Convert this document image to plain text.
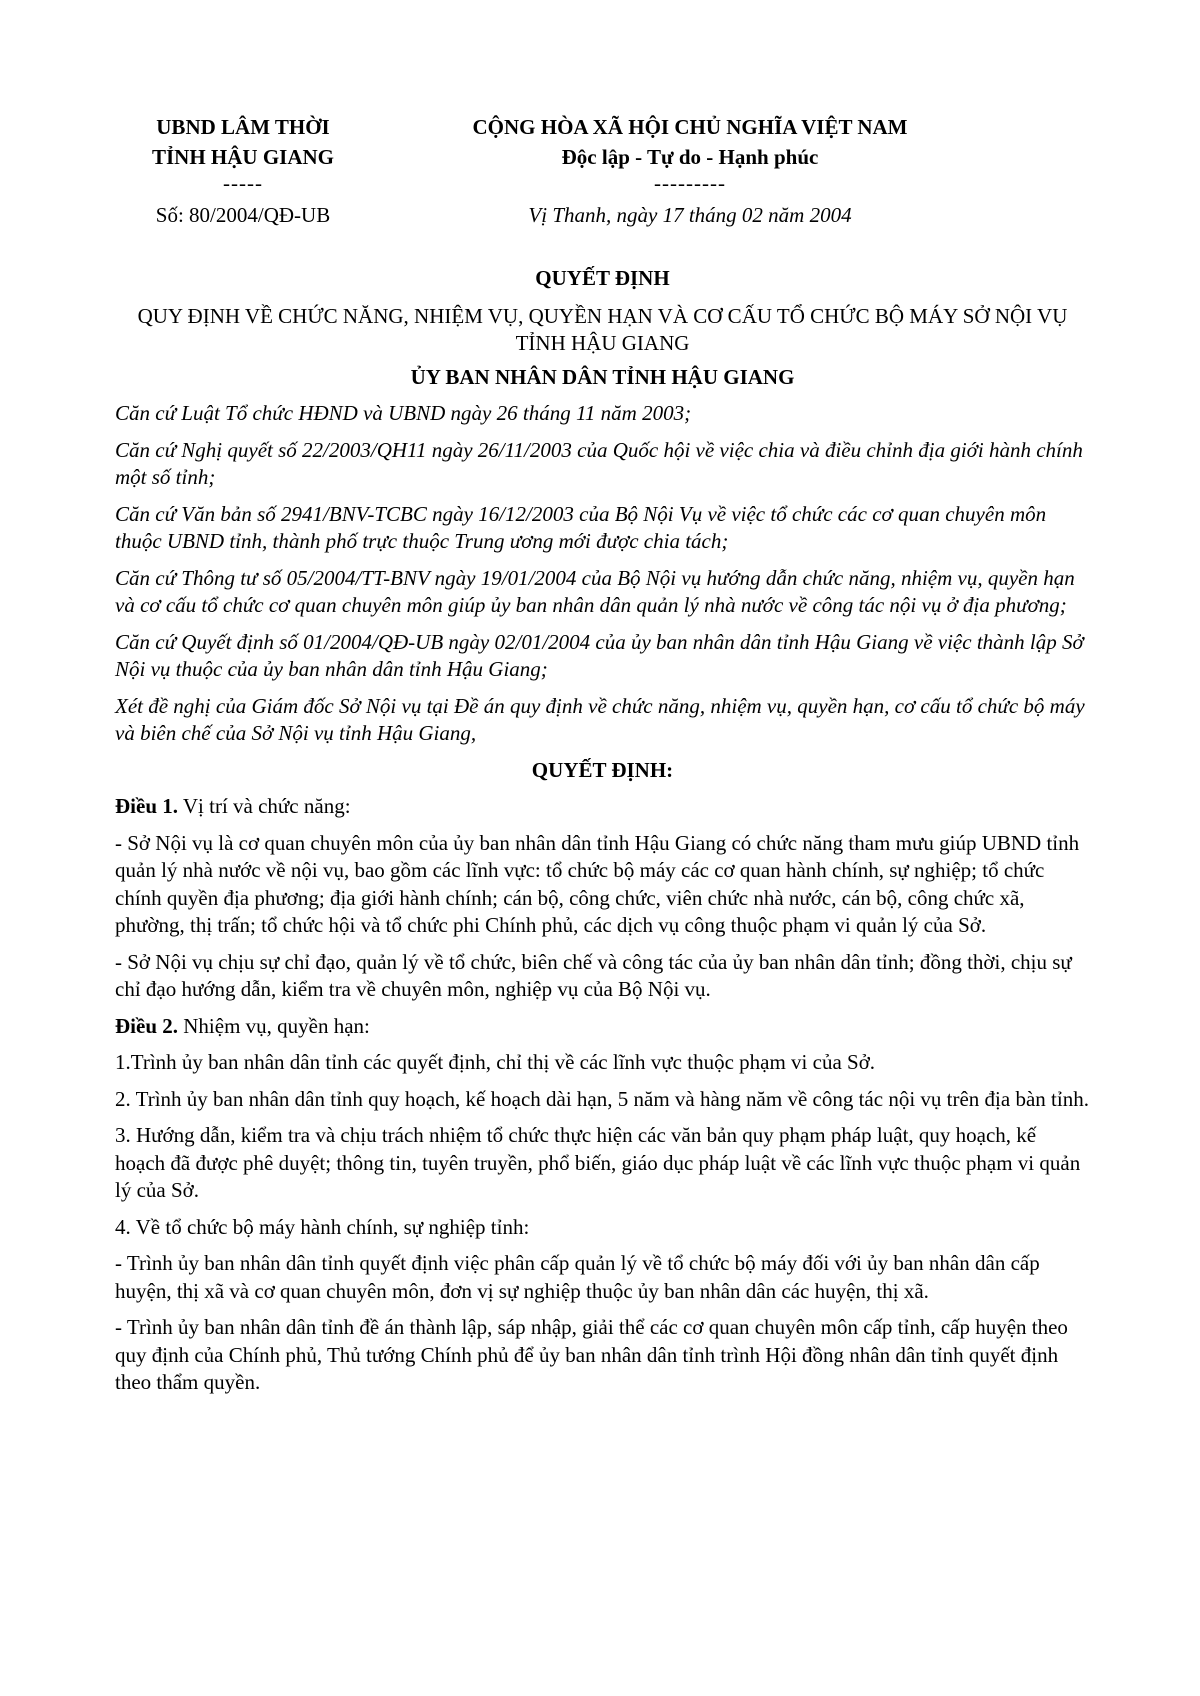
UBND LÂM THỜI
TỈNH HẬU GIANG
-----
Số: 80/2004/QĐ-UB
CỘNG HÒA XÃ HỘI CHỦ NGHĨA VIỆT NAM
Độc lập - Tự do - Hạnh phúc
---------
Vị Thanh, ngày 17 tháng 02 năm 2004
QUYẾT ĐỊNH
QUY ĐỊNH VỀ CHỨC NĂNG, NHIỆM VỤ, QUYỀN HẠN VÀ CƠ CẤU TỔ CHỨC BỘ MÁY SỞ NỘI VỤ TỈNH HẬU GIANG
ỦY BAN NHÂN DÂN TỈNH HẬU GIANG

Căn cứ Luật Tổ chức HĐND và UBND ngày 26 tháng 11 năm 2003;

Căn cứ Nghị quyết số 22/2003/QH11 ngày 26/11/2003 của Quốc hội về việc chia và điều chỉnh địa giới hành chính một số tỉnh;

Căn cứ Văn bản số 2941/BNV-TCBC ngày 16/12/2003 của Bộ Nội Vụ về việc tổ chức các cơ quan chuyên môn thuộc UBND tỉnh, thành phố trực thuộc Trung ương mới được chia tách;

Căn cứ Thông tư số 05/2004/TT-BNV ngày 19/01/2004 của Bộ Nội vụ hướng dẫn chức năng, nhiệm vụ, quyền hạn và cơ cấu tổ chức cơ quan chuyên môn giúp ủy ban nhân dân quản lý nhà nước về công tác nội vụ ở địa phương;

Căn cứ Quyết định số 01/2004/QĐ-UB ngày 02/01/2004 của ủy ban nhân dân tỉnh Hậu Giang về việc thành lập Sở Nội vụ thuộc của ủy ban nhân dân tỉnh Hậu Giang;

Xét đề nghị của Giám đốc Sở Nội vụ tại Đề án quy định về chức năng, nhiệm vụ, quyền hạn, cơ cấu tổ chức bộ máy và biên chế của Sở Nội vụ tỉnh Hậu Giang,

QUYẾT ĐỊNH:

Điều 1. Vị trí và chức năng:

- Sở Nội vụ là cơ quan chuyên môn của ủy ban nhân dân tỉnh Hậu Giang có chức năng tham mưu giúp UBND tỉnh quản lý nhà nước về nội vụ, bao gồm các lĩnh vực: tổ chức bộ máy các cơ quan hành chính, sự nghiệp; tổ chức chính quyền địa phương; địa giới hành chính; cán bộ, công chức, viên chức nhà nước, cán bộ, công chức xã, phường, thị trấn; tổ chức hội và tổ chức phi Chính phủ, các dịch vụ công thuộc phạm vi quản lý của Sở.

- Sở Nội vụ chịu sự chỉ đạo, quản lý về tổ chức, biên chế và công tác của ủy ban nhân dân tỉnh; đồng thời, chịu sự chỉ đạo hướng dẫn, kiểm tra về chuyên môn, nghiệp vụ của Bộ Nội vụ.

Điều 2. Nhiệm vụ, quyền hạn:

1.Trình ủy ban nhân dân tỉnh các quyết định, chỉ thị về các lĩnh vực thuộc phạm vi của Sở.

2. Trình ủy ban nhân dân tỉnh quy hoạch, kế hoạch dài hạn, 5 năm và hàng năm về công tác nội vụ trên địa bàn tỉnh.

3. Hướng dẫn, kiểm tra và chịu trách nhiệm tổ chức thực hiện các văn bản quy phạm pháp luật, quy hoạch, kế hoạch đã được phê duyệt; thông tin, tuyên truyền, phổ biến, giáo dục pháp luật về các lĩnh vực thuộc phạm vi quản lý của Sở.

4. Về tổ chức bộ máy hành chính, sự nghiệp tỉnh:

- Trình ủy ban nhân dân tỉnh quyết định việc phân cấp quản lý về tổ chức bộ máy đối với ủy ban nhân dân cấp huyện, thị xã và cơ quan chuyên môn, đơn vị sự nghiệp thuộc ủy ban nhân dân các huyện, thị xã.

- Trình ủy ban nhân dân tỉnh đề án thành lập, sáp nhập, giải thể các cơ quan chuyên môn cấp tỉnh, cấp huyện theo quy định của Chính phủ, Thủ tướng Chính phủ để ủy ban nhân dân tỉnh trình Hội đồng nhân dân tỉnh quyết định theo thẩm quyền.
